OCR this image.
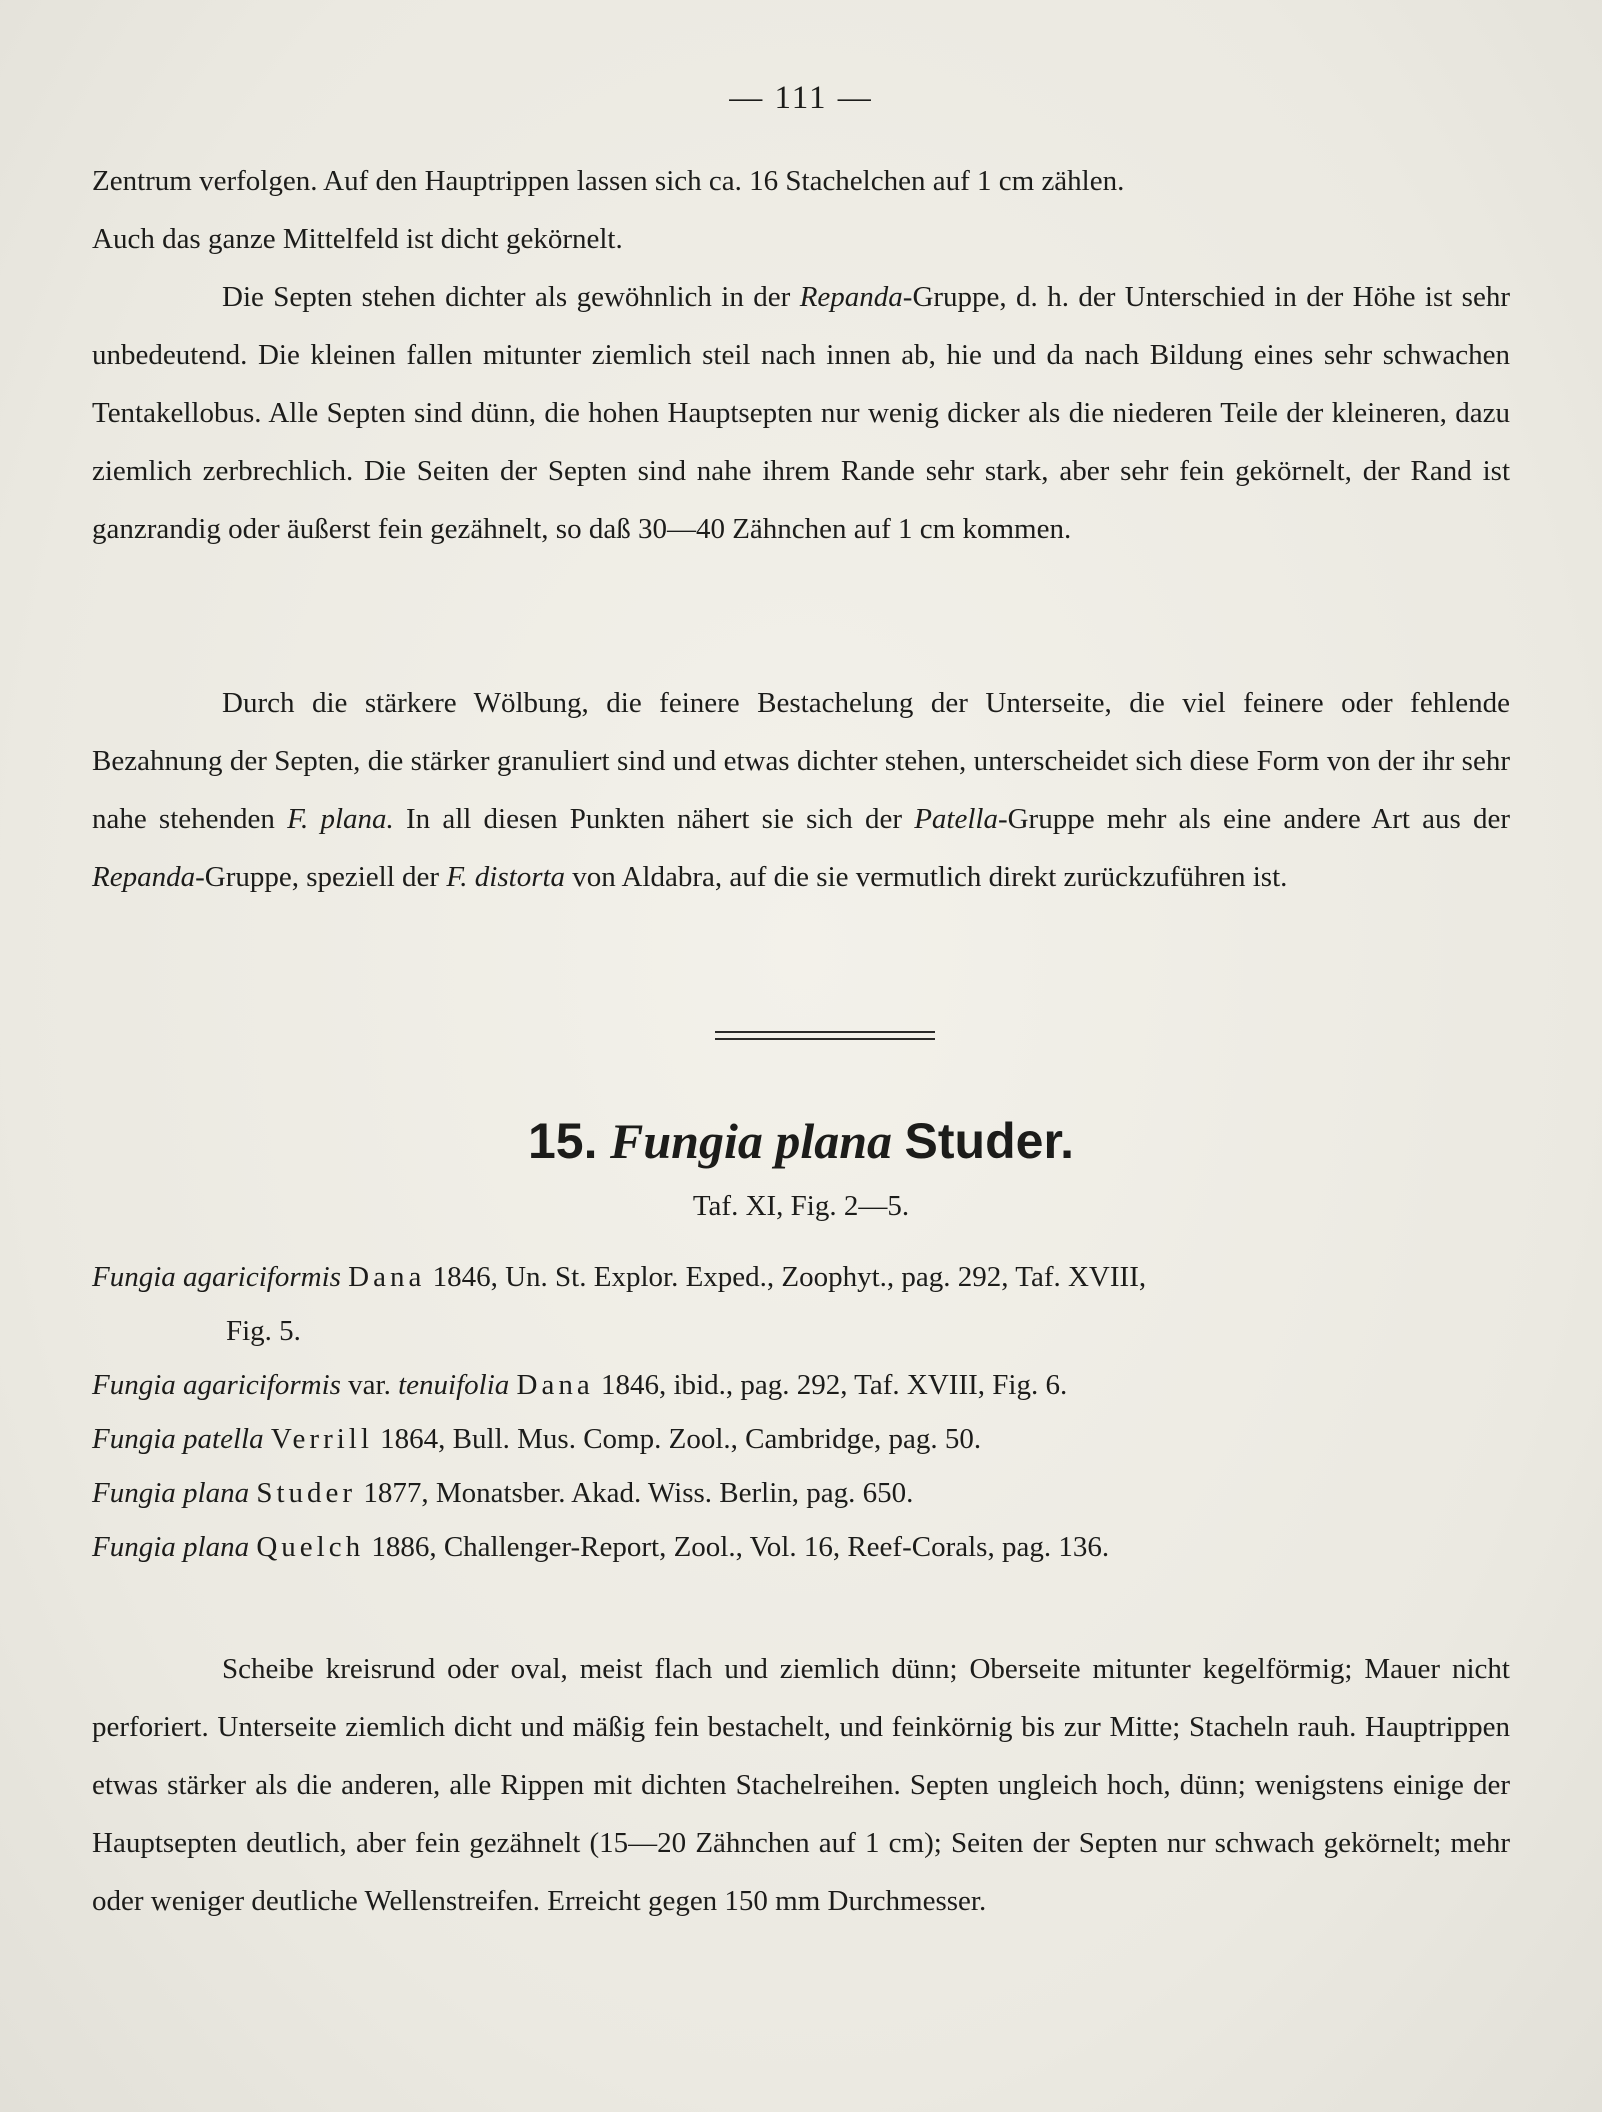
— 111 —

Zentrum verfolgen. Auf den Hauptrippen lassen sich ca. 16 Stachelchen auf 1 cm zählen.

Auch das ganze Mittelfeld ist dicht gekörnelt.

Die Septen stehen dichter als gewöhnlich in der Repanda-Gruppe, d. h. der Unterschied in der Höhe ist sehr unbedeutend. Die kleinen fallen mitunter ziemlich steil nach innen ab, hie und da nach Bildung eines sehr schwachen Tentakellobus. Alle Septen sind dünn, die hohen Hauptsepten nur wenig dicker als die niederen Teile der kleineren, dazu ziemlich zerbrechlich. Die Seiten der Septen sind nahe ihrem Rande sehr stark, aber sehr fein gekörnelt, der Rand ist ganzrandig oder äußerst fein gezähnelt, so daß 30—40 Zähnchen auf 1 cm kommen.

Durch die stärkere Wölbung, die feinere Bestachelung der Unterseite, die viel feinere oder fehlende Bezahnung der Septen, die stärker granuliert sind und etwas dichter stehen, unterscheidet sich diese Form von der ihr sehr nahe stehenden F. plana. In all diesen Punkten nähert sie sich der Patella-Gruppe mehr als eine andere Art aus der Repanda-Gruppe, speziell der F. distorta von Aldabra, auf die sie vermutlich direkt zurückzuführen ist.

15. Fungia plana Studer.
Taf. XI, Fig. 2—5.

Fungia agariciformis Dana 1846, Un. St. Explor. Exped., Zoophyt., pag. 292, Taf. XVIII,

Fig. 5.

Fungia agariciformis var. tenuifolia Dana 1846, ibid., pag. 292, Taf. XVIII, Fig. 6.

Fungia patella Verrill 1864, Bull. Mus. Comp. Zool., Cambridge, pag. 50.

Fungia plana Studer 1877, Monatsber. Akad. Wiss. Berlin, pag. 650.

Fungia plana Quelch 1886, Challenger-Report, Zool., Vol. 16, Reef-Corals, pag. 136.

Scheibe kreisrund oder oval, meist flach und ziemlich dünn; Oberseite mitunter kegelförmig; Mauer nicht perforiert. Unterseite ziemlich dicht und mäßig fein bestachelt, und feinkörnig bis zur Mitte; Stacheln rauh. Hauptrippen etwas stärker als die anderen, alle Rippen mit dichten Stachelreihen. Septen ungleich hoch, dünn; wenigstens einige der Hauptsepten deutlich, aber fein gezähnelt (15—20 Zähnchen auf 1 cm); Seiten der Septen nur schwach gekörnelt; mehr oder weniger deutliche Wellenstreifen. Erreicht gegen 150 mm Durchmesser.
